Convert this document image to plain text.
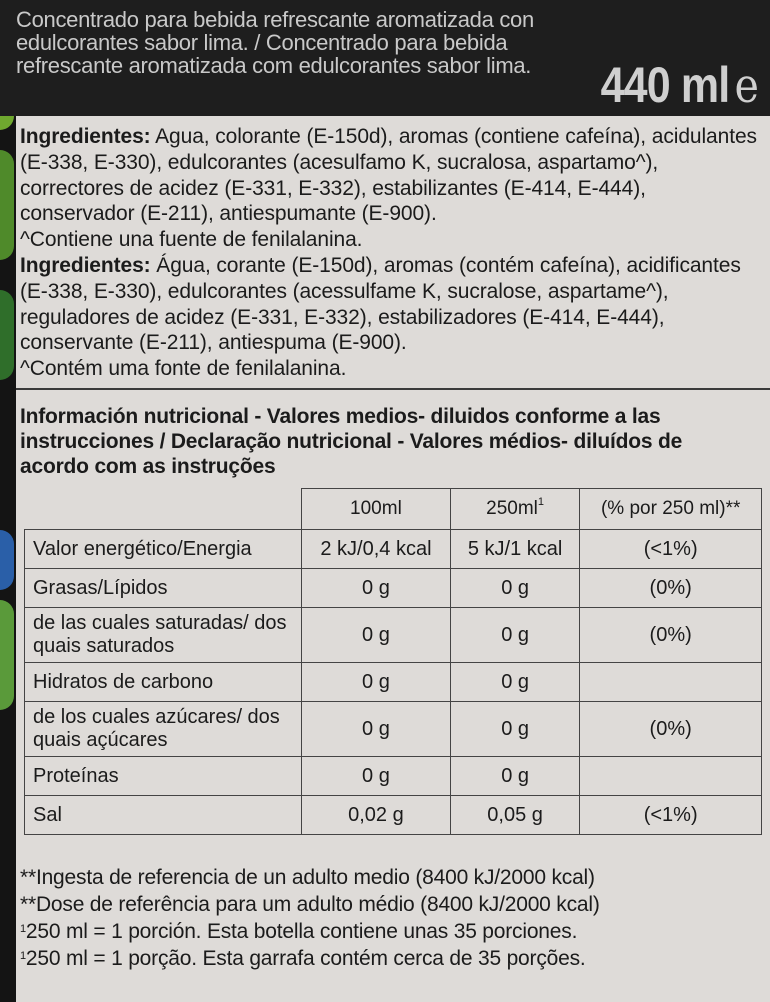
Concentrado para bebida refrescante aromatizada con edulcorantes sabor lima. / Concentrado para bebida refrescante aromatizada com edulcorantes sabor lima.	440 ml e

Ingredientes: Agua, colorante (E-150d), aromas (contiene cafeína), acidulantes (E-338, E-330), edulcorantes (acesulfamo K, sucralosa, aspartamo^), correctores de acidez (E-331, E-332), estabilizantes (E-414, E-444), conservador (E-211), antiespumante (E-900).

^Contiene una fuente de fenilalanina.

Ingredientes: Água, corante (E-150d), aromas (contém cafeína), acidificantes (E-338, E-330), edulcorantes (acessulfame K, sucralose, aspartame^), reguladores de acidez (E-331, E-332), estabilizadores (E-414, E-444), conservante (E-211), antiespuma (E-900).

^Contém uma fonte de fenilalanina.

Información nutricional - Valores medios- diluidos conforme a las instrucciones / Declaração nutricional - Valores médios- diluídos de acordo com as instruções
	100ml	$250ml^1$	(% por 250 ml)**
Valor energético/Energia	2 kJ/0,4 kcal	5 kJ/1 kcal	(<1%)
Grasas/Lípidos	0 g	0 g	(0%)
de las cuales saturadas/ dos quais saturados	0 g	0 g	(0%)
Hidratos de carbono	0 g	0 g	
de los cuales azúcares/ dos quais açúcares	0 g	0 g	(0%)
Proteínas	0 g	0 g	
Sal	0,02 g	0,05 g	(<1%)

**Ingesta de referencia de un adulto medio (8400 kJ/2000 kcal)

**Dose de referência para um adulto médio (8400 kJ/2000 kcal)

$^1$250 ml = 1 porción. Esta botella contiene unas 35 porciones.

$^1$250 ml = 1 porção. Esta garrafa contém cerca de 35 porções.
